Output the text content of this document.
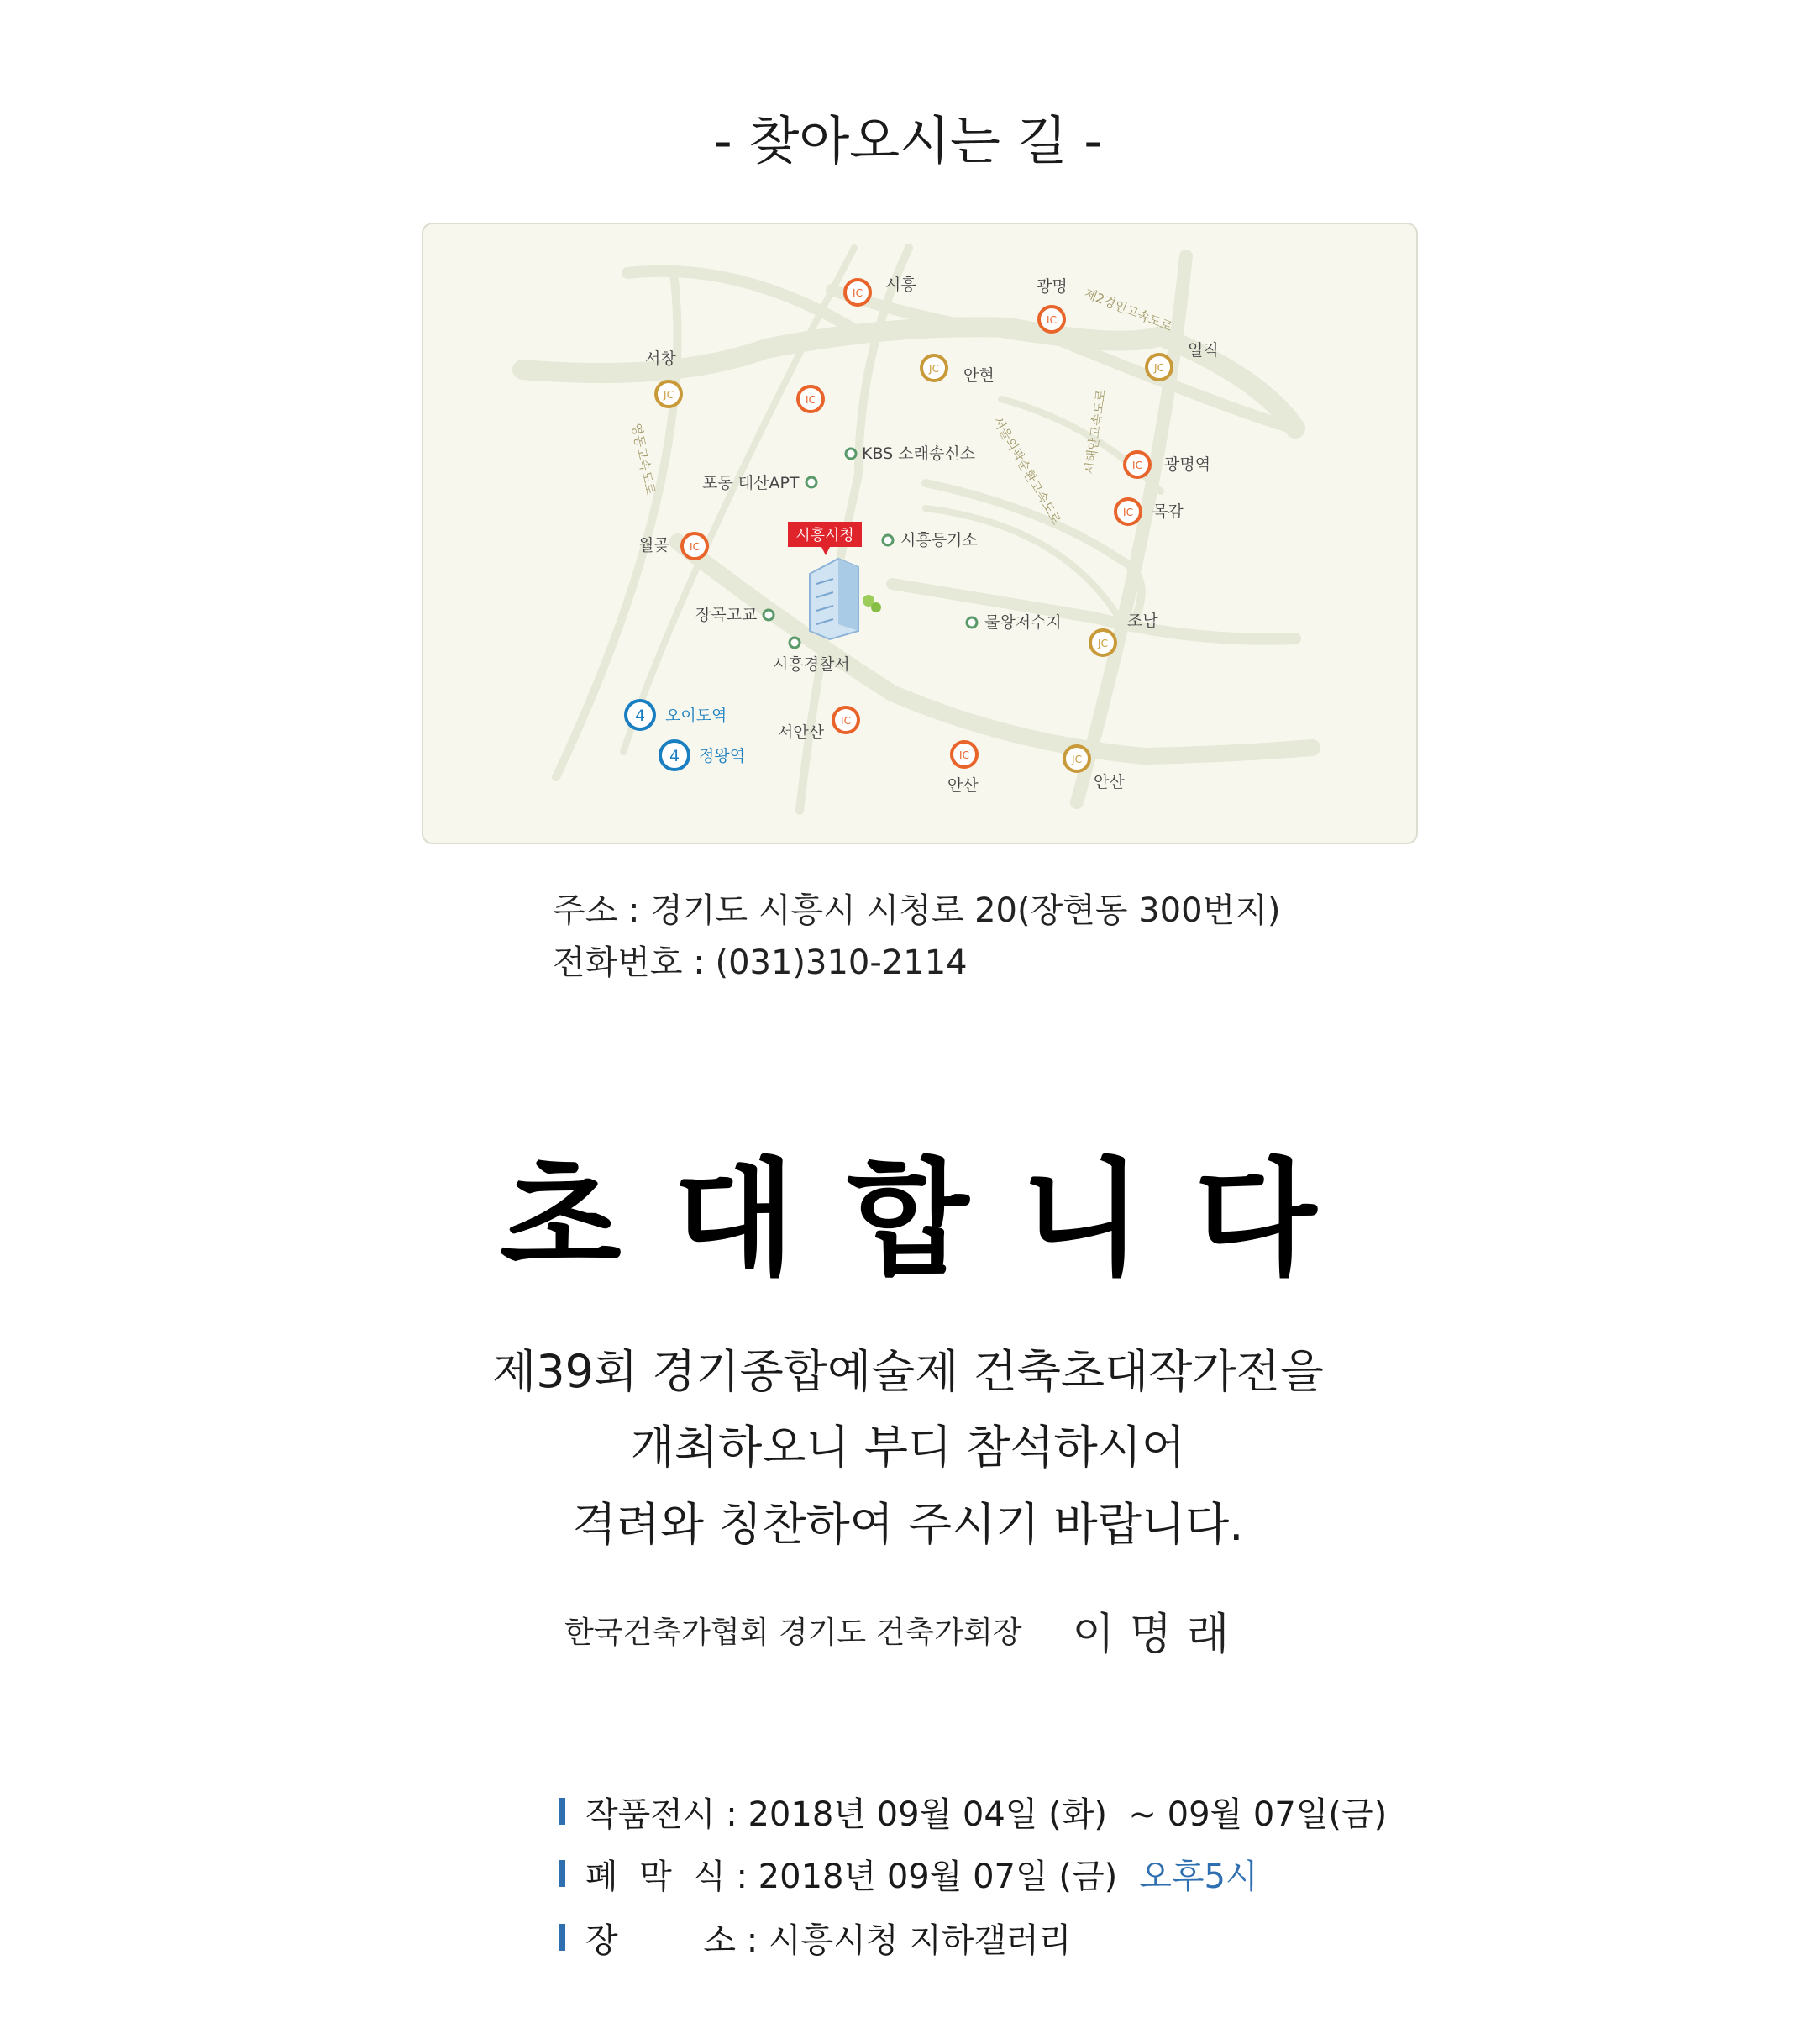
- 찾아오시는 길 -
영동고속도로
제2경인고속도로
서울외곽순환고속도로 서해안고속도로
JC
JC	JC
JC
JC
IC
IC
IC
IC
IC
IC
IC
IC
시흥	광명
일직
안현
서창
월곶
광명역
목감
조남
서안산
안산	안산
KBS 소래송신소
포동 태산APT
시흥등기소
장곡고교
시흥경찰서
물왕저수지
시흥시청
4
4
오이도역
정왕역
주소 : 경기도 시흥시 시청로 20(장현동 300번지)
전화번호 : (031)310-2114
초대합니다
제39회 경기종합예술제 건축초대작가전을
개최하오니 부디 참석하시어
격려와 칭찬하여 주시기 바랍니다.
한국건축가협회 경기도 건축가회장 이명래
작품전시 : 2018년 09월 04일 (화)  ~ 09월 07일(금)
폐  막  식 : 2018년 09월 07일 (금) 오후5시
장        소 : 시흥시청 지하갤러리
